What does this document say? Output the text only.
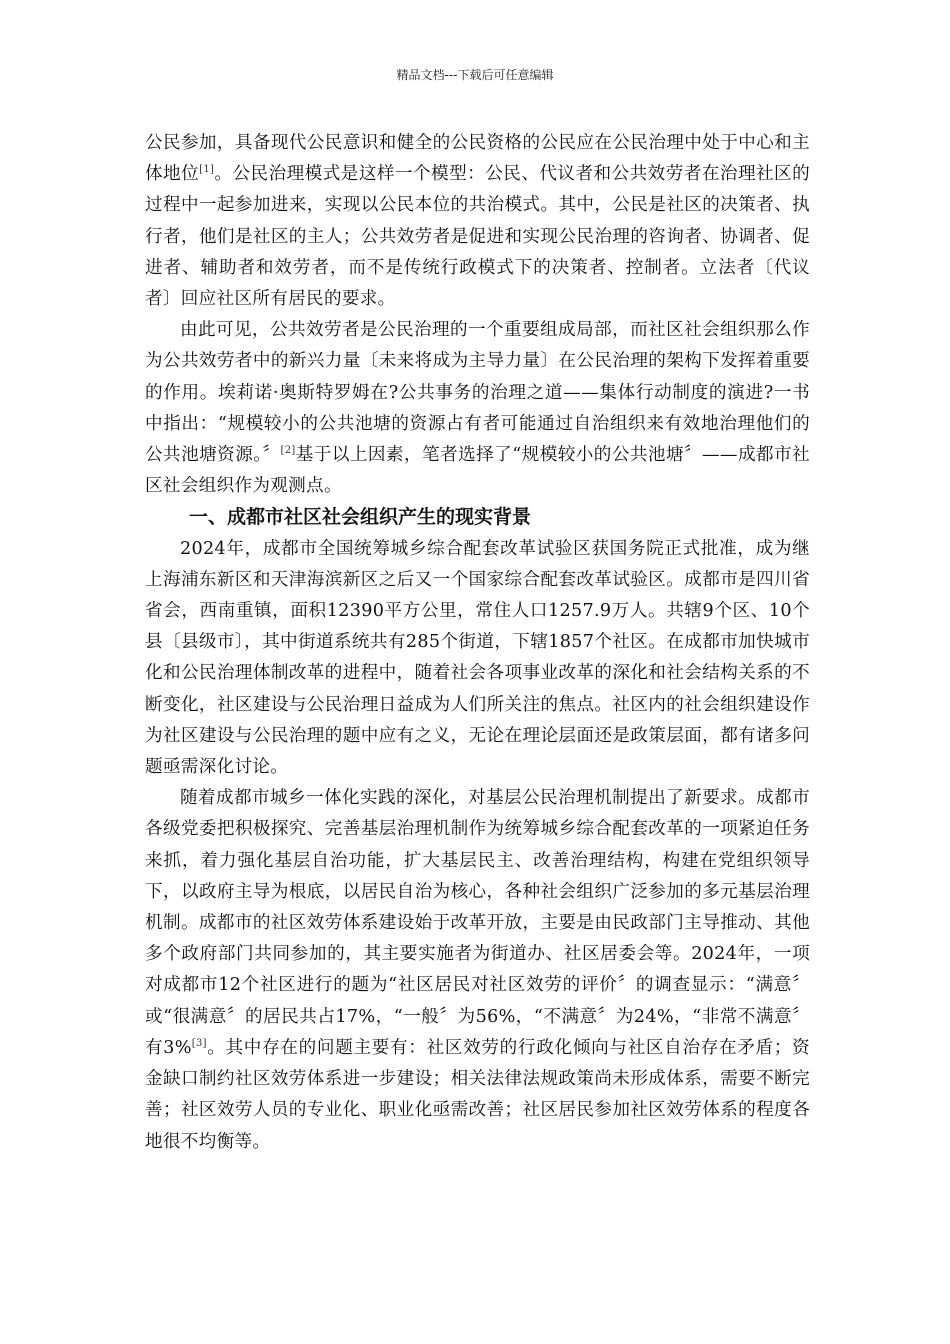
精品文档---下载后可任意编辑

公民参加，具备现代公民意识和健全的公民资格的公民应在公民治理中处于中心和主体地位[1]。公民治理模式是这样一个模型：公民、代议者和公共效劳者在治理社区的过程中一起参加进来，实现以公民本位的共治模式。其中，公民是社区的决策者、执行者，他们是社区的主人；公共效劳者是促进和实现公民治理的咨询者、协调者、促进者、辅助者和效劳者，而不是传统行政模式下的决策者、控制者。立法者〔代议者〕回应社区所有居民的要求。

由此可见，公共效劳者是公民治理的一个重要组成局部，而社区社会组织那么作为公共效劳者中的新兴力量〔未来将成为主导力量〕在公民治理的架构下发挥着重要的作用。埃莉诺·奥斯特罗姆在?公共事务的治理之道——集体行动制度的演进?一书中指出：“规模较小的公共池塘的资源占有者可能通过自治组织来有效地治理他们的公共池塘资源。〞[2]基于以上因素，笔者选择了“规模较小的公共池塘〞——成都市社区社会组织作为观测点。

一、成都市社区社会组织产生的现实背景

2024年，成都市全国统筹城乡综合配套改革试验区获国务院正式批准，成为继上海浦东新区和天津海滨新区之后又一个国家综合配套改革试验区。成都市是四川省省会，西南重镇，面积12390平方公里，常住人口1257.9万人。共辖9个区、10个县〔县级市〕，其中街道系统共有285个街道，下辖1857个社区。在成都市加快城市化和公民治理体制改革的进程中，随着社会各项事业改革的深化和社会结构关系的不断变化，社区建设与公民治理日益成为人们所关注的焦点。社区内的社会组织建设作为社区建设与公民治理的题中应有之义，无论在理论层面还是政策层面，都有诸多问题亟需深化讨论。

随着成都市城乡一体化实践的深化，对基层公民治理机制提出了新要求。成都市各级党委把积极探究、完善基层治理机制作为统筹城乡综合配套改革的一项紧迫任务来抓，着力强化基层自治功能，扩大基层民主、改善治理结构，构建在党组织领导下，以政府主导为根底，以居民自治为核心，各种社会组织广泛参加的多元基层治理机制。成都市的社区效劳体系建设始于改革开放，主要是由民政部门主导推动、其他多个政府部门共同参加的，其主要实施者为街道办、社区居委会等。2024年，一项对成都市12个社区进行的题为“社区居民对社区效劳的评价〞的调查显示：“满意〞或“很满意〞的居民共占17%，“一般〞为56%，“不满意〞为24%，“非常不满意〞有3%[3]。其中存在的问题主要有：社区效劳的行政化倾向与社区自治存在矛盾；资金缺口制约社区效劳体系进一步建设；相关法律法规政策尚未形成体系，需要不断完善；社区效劳人员的专业化、职业化亟需改善；社区居民参加社区效劳体系的程度各地很不均衡等。
